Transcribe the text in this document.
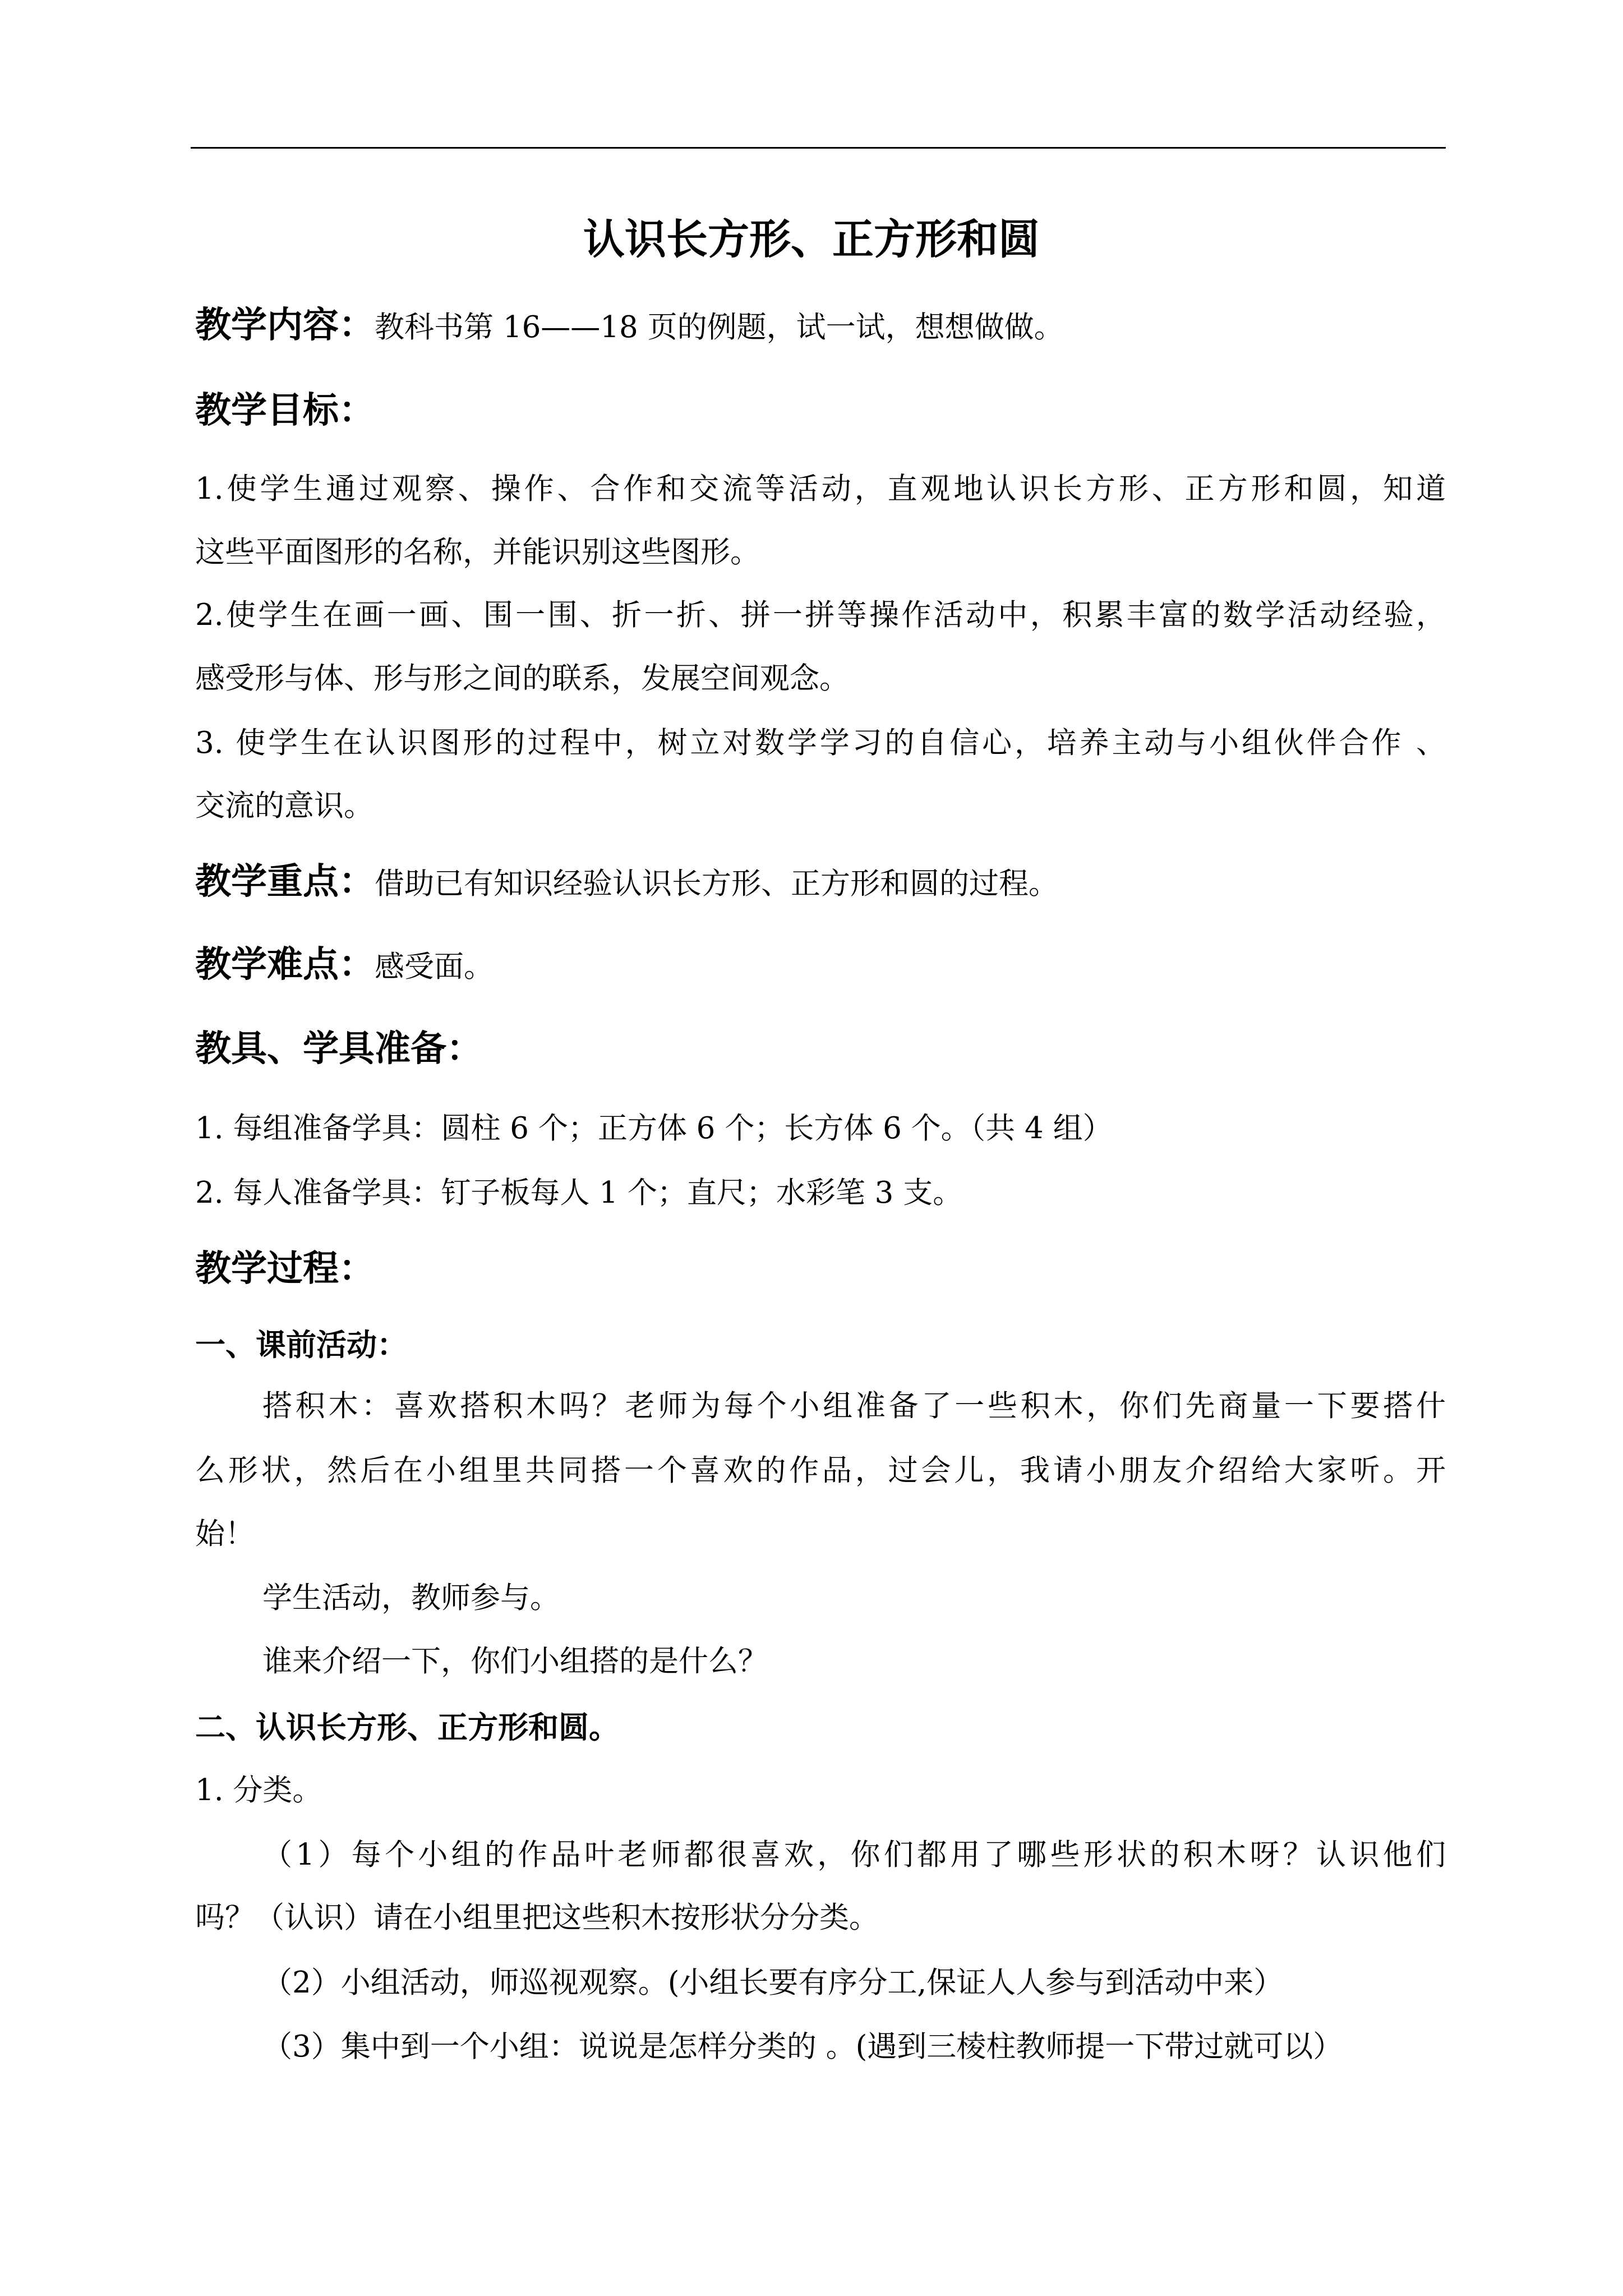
认识长方形、正方形和圆
教学内容：教科书第 16——18 页的例题，试一试，想想做做。
教学目标：
1.使学生通过观察、操作、合作和交流等活动，直观地认识长方形、正方形和圆，知道
这些平面图形的名称，并能识别这些图形。
2.使学生在画一画、围一围、折一折、拼一拼等操作活动中，积累丰富的数学活动经验，
感受形与体、形与形之间的联系，发展空间观念。
3. 使学生在认识图形的过程中，树立对数学学习的自信心，培养主动与小组伙伴合作 、
交流的意识。
教学重点：借助已有知识经验认识长方形、正方形和圆的过程。
教学难点：感受面。
教具、学具准备：
1. 每组准备学具：圆柱 6 个；正方体 6 个；长方体 6 个。（共 4 组）
2. 每人准备学具：钉子板每人 1 个；直尺；水彩笔 3 支。
教学过程：
一、课前活动：
搭积木：喜欢搭积木吗？老师为每个小组准备了一些积木，你们先商量一下要搭什
么形状，然后在小组里共同搭一个喜欢的作品，过会儿，我请小朋友介绍给大家听。开
始！
学生活动，教师参与。
谁来介绍一下，你们小组搭的是什么？
二、认识长方形、正方形和圆。
1. 分类。
（1）每个小组的作品叶老师都很喜欢，你们都用了哪些形状的积木呀？认识他们
吗？（认识）请在小组里把这些积木按形状分分类。
（2）小组活动，师巡视观察。(小组长要有序分工,保证人人参与到活动中来）
（3）集中到一个小组：说说是怎样分类的 。(遇到三棱柱教师提一下带过就可以）
